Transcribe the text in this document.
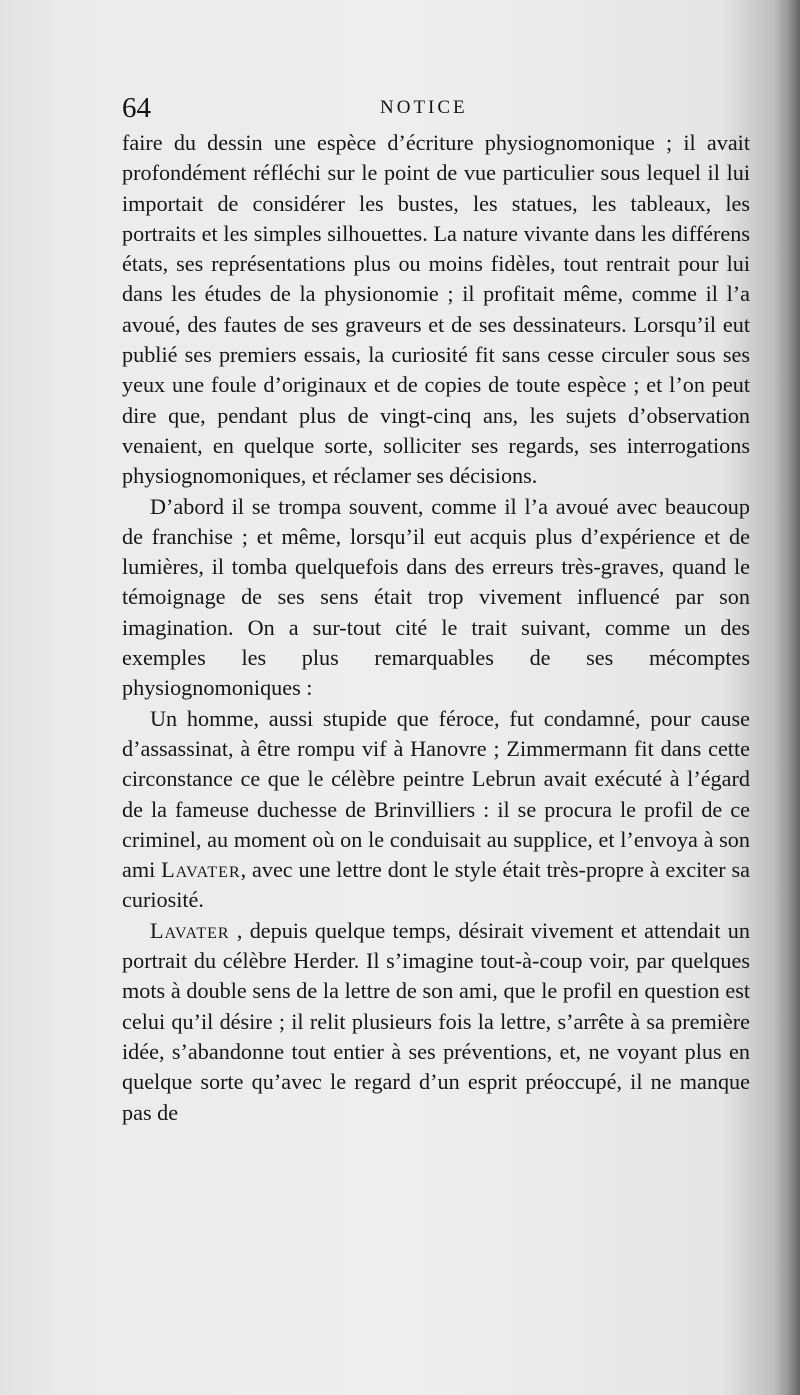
64	NOTICE

faire du dessin une espèce d’écriture physiognomonique ; il avait profondément réfléchi sur le point de vue particulier sous lequel il lui importait de considérer les bustes, les statues, les tableaux, les portraits et les simples silhouettes. La nature vivante dans les différens états, ses représentations plus ou moins fidèles, tout rentrait pour lui dans les études de la physionomie ; il profitait même, comme il l’a avoué, des fautes de ses graveurs et de ses dessinateurs. Lorsqu’il eut publié ses premiers essais, la curiosité fit sans cesse circuler sous ses yeux une foule d’originaux et de copies de toute espèce ; et l’on peut dire que, pendant plus de vingt-cinq ans, les sujets d’observation venaient, en quelque sorte, solliciter ses regards, ses interrogations physiognomoniques, et réclamer ses décisions.

D’abord il se trompa souvent, comme il l’a avoué avec beaucoup de franchise ; et même, lorsqu’il eut acquis plus d’expérience et de lumières, il tomba quelquefois dans des erreurs très-graves, quand le témoignage de ses sens était trop vivement influencé par son imagination. On a sur-tout cité le trait suivant, comme un des exemples les plus remarquables de ses mécomptes physiognomoniques :

Un homme, aussi stupide que féroce, fut condamné, pour cause d’assassinat, à être rompu vif à Hanovre ; Zimmermann fit dans cette circonstance ce que le célèbre peintre Lebrun avait exécuté à l’égard de la fameuse duchesse de Brinvilliers : il se procura le profil de ce criminel, au moment où on le conduisait au supplice, et l’envoya à son ami Lavater, avec une lettre dont le style était très-propre à exciter sa curiosité.

Lavater , depuis quelque temps, désirait vivement et attendait un portrait du célèbre Herder. Il s’imagine tout-à-coup voir, par quelques mots à double sens de la lettre de son ami, que le profil en question est celui qu’il désire ; il relit plusieurs fois la lettre, s’arrête à sa première idée, s’abandonne tout entier à ses préventions, et, ne voyant plus en quelque sorte qu’avec le regard d’un esprit préoccupé, il ne manque pas de
